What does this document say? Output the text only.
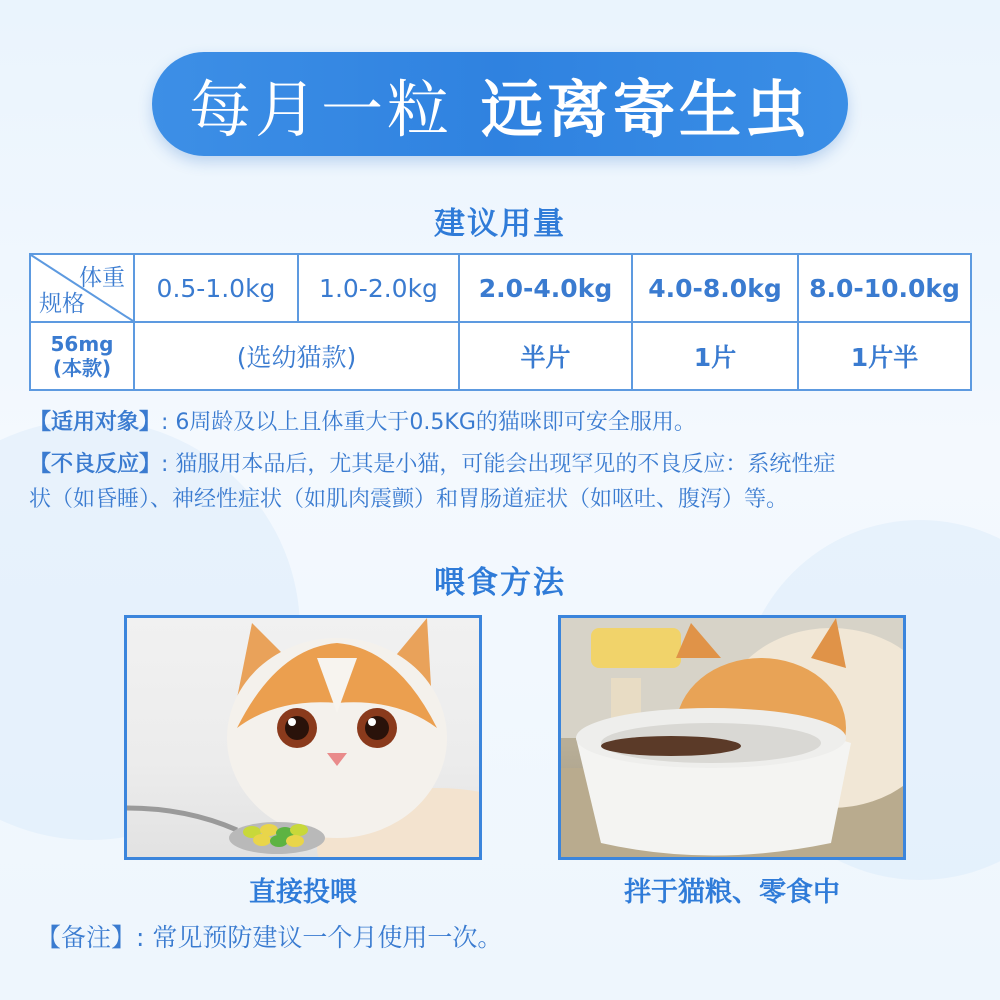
每月一粒 远离寄生虫
建议用量
体重
规格	0.5-1.0kg	1.0-2.0kg	2.0-4.0kg	4.0-8.0kg	8.0-10.0kg

56mg
(本款)	(选幼猫款)		半片	1片	1片半
【适用对象】: 6周龄及以上且体重大于0.5KG的猫咪即可安全服用。
【不良反应】: 猫服用本品后，尤其是小猫，可能会出现罕见的不良反应：系统性症
状（如昏睡）、神经性症状（如肌肉震颤）和胃肠道症状（如呕吐、腹泻）等。
喂食方法
直接投喂	拌于猫粮、零食中
【备注】: 常见预防建议一个月使用一次。
